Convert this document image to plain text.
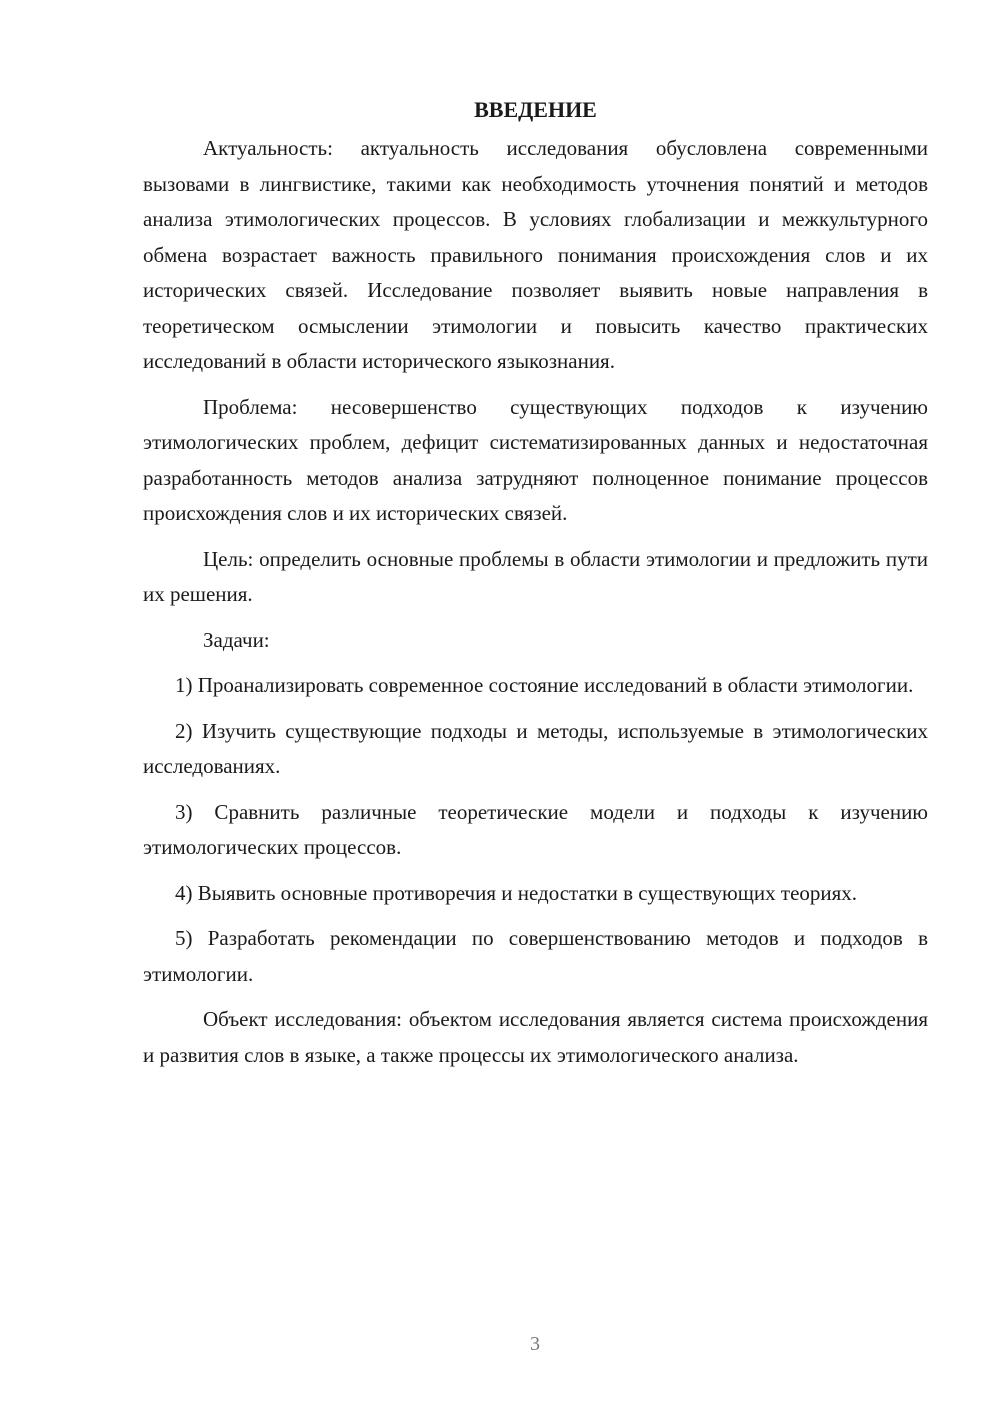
ВВЕДЕНИЕ

Актуальность: актуальность исследования обусловлена современными вызовами в лингвистике, такими как необходимость уточнения понятий и методов анализа этимологических процессов. В условиях глобализации и межкультурного обмена возрастает важность правильного понимания происхождения слов и их исторических связей. Исследование позволяет выявить новые направления в теоретическом осмыслении этимологии и повысить качество практических исследований в области исторического языкознания.

Проблема: несовершенство существующих подходов к изучению этимологических проблем, дефицит систематизированных данных и недостаточная разработанность методов анализа затрудняют полноценное понимание процессов происхождения слов и их исторических связей.

Цель: определить основные проблемы в области этимологии и предложить пути их решения.

Задачи:

1) Проанализировать современное состояние исследований в области этимологии.

2) Изучить существующие подходы и методы, используемые в этимологических исследованиях.

3) Сравнить различные теоретические модели и подходы к изучению этимологических процессов.

4) Выявить основные противоречия и недостатки в существующих теориях.

5) Разработать рекомендации по совершенствованию методов и подходов в этимологии.

Объект исследования: объектом исследования является система происхождения и развития слов в языке, а также процессы их этимологического анализа.

3
